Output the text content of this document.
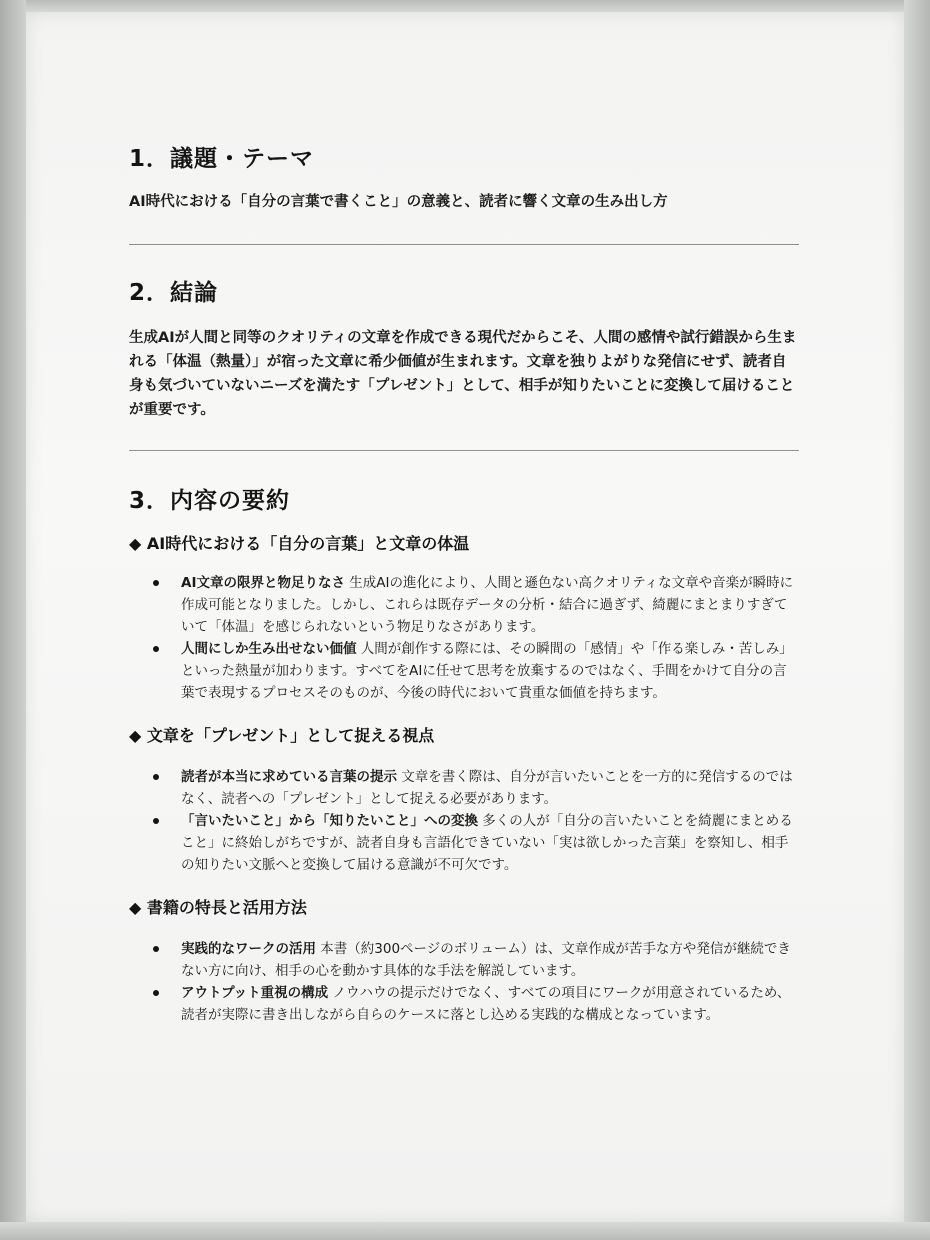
1．議題・テーマ

AI時代における「自分の言葉で書くこと」の意義と、読者に響く文章の生み出し方

2．結論

生成AIが人間と同等のクオリティの文章を作成できる現代だからこそ、人間の感情や試行錯誤から生まれる「体温（熱量）」が宿った文章に希少価値が生まれます。文章を独りよがりな発信にせず、読者自身も気づいていないニーズを満たす「プレゼント」として、相手が知りたいことに変換して届けることが重要です。

3．内容の要約
◆ AI時代における「自分の言葉」と文章の体温
AI文章の限界と物足りなさ 生成AIの進化により、人間と遜色ない高クオリティな文章や音楽が瞬時に作成可能となりました。しかし、これらは既存データの分析・結合に過ぎず、綺麗にまとまりすぎていて「体温」を感じられないという物足りなさがあります。
人間にしか生み出せない価値 人間が創作する際には、その瞬間の「感情」や「作る楽しみ・苦しみ」といった熱量が加わります。すべてをAIに任せて思考を放棄するのではなく、手間をかけて自分の言葉で表現するプロセスそのものが、今後の時代において貴重な価値を持ちます。
◆ 文章を「プレゼント」として捉える視点
読者が本当に求めている言葉の提示 文章を書く際は、自分が言いたいことを一方的に発信するのではなく、読者への「プレゼント」として捉える必要があります。
「言いたいこと」から「知りたいこと」への変換 多くの人が「自分の言いたいことを綺麗にまとめること」に終始しがちですが、読者自身も言語化できていない「実は欲しかった言葉」を察知し、相手の知りたい文脈へと変換して届ける意識が不可欠です。
◆ 書籍の特長と活用方法
実践的なワークの活用 本書（約300ページのボリューム）は、文章作成が苦手な方や発信が継続できない方に向け、相手の心を動かす具体的な手法を解説しています。
アウトプット重視の構成 ノウハウの提示だけでなく、すべての項目にワークが用意されているため、読者が実際に書き出しながら自らのケースに落とし込める実践的な構成となっています。
